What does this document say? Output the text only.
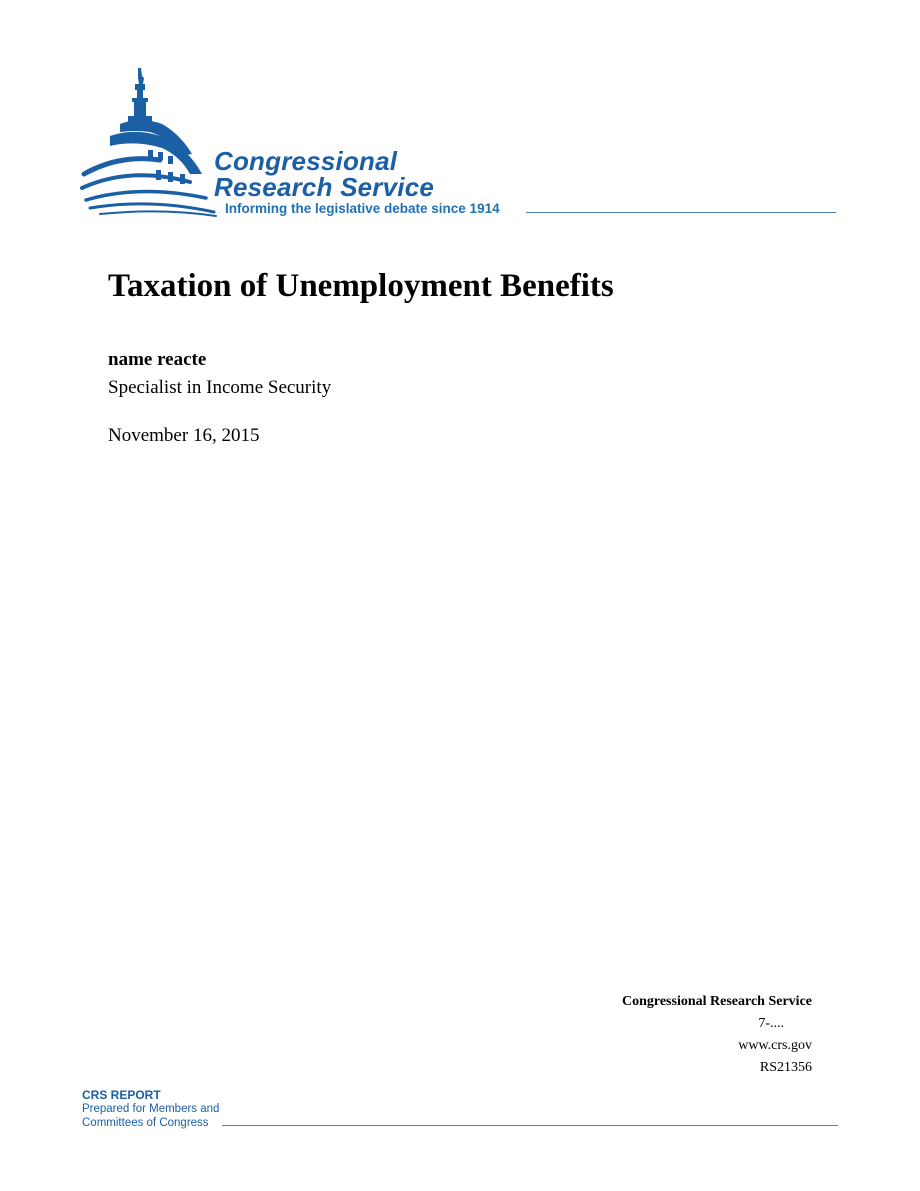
Congressional
Research Service
Informing the legislative debate since 1914
Taxation of Unemployment Benefits
name reacte
Specialist in Income Security
November 16, 2015
Congressional Research Service
7-....
www.crs.gov
RS21356
CRS REPORT
Prepared for Members and
Committees of Congress
